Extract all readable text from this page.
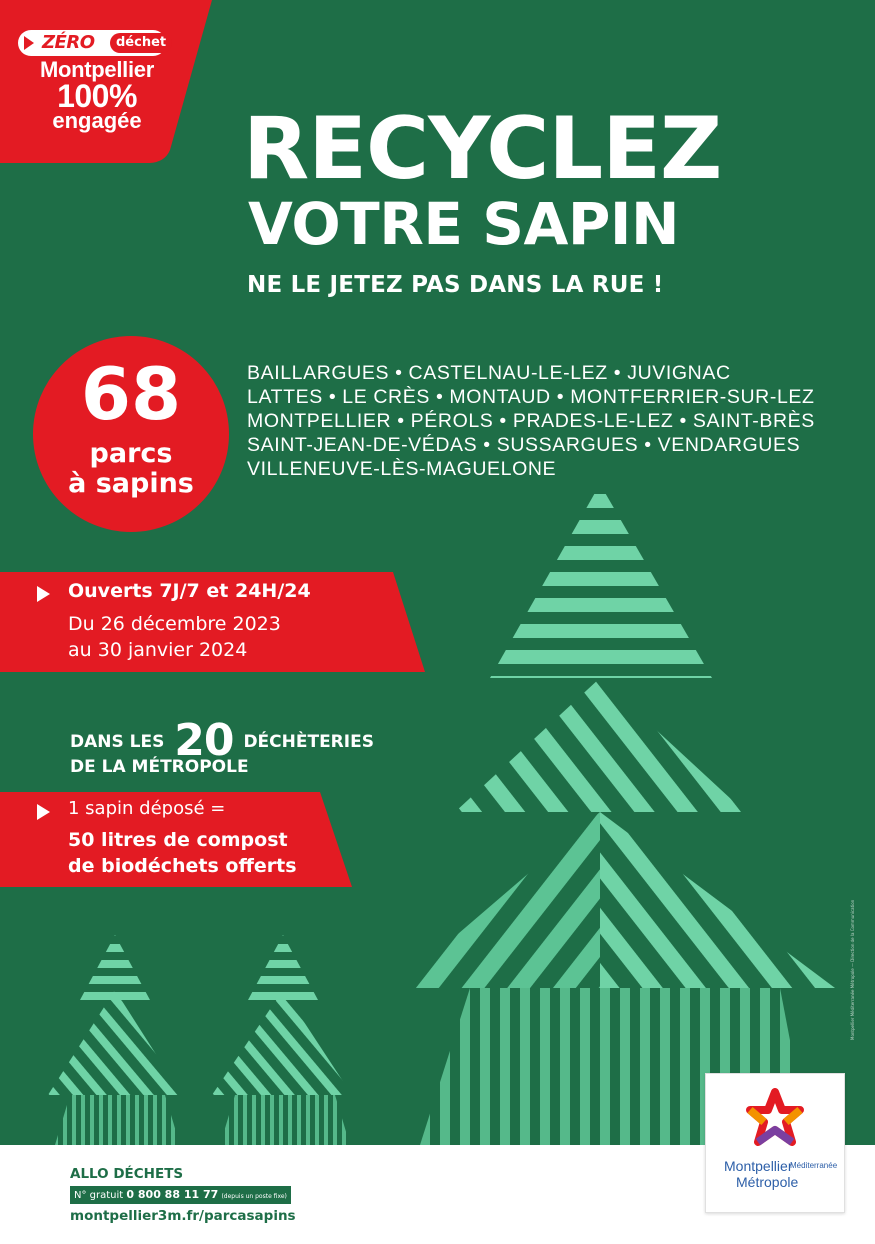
ZÉRO	déchet
Montpellier
100%
engagée	RECYCLEZ
VOTRE SAPIN
NE LE JETEZ PAS DANS LA RUE !
68
parcs
à sapins
BAILLARGUES • CASTELNAU-LE-LEZ • JUVIGNAC
LATTES • LE CRÈS • MONTAUD • MONTFERRIER-SUR-LEZ
MONTPELLIER • PÉROLS • PRADES-LE-LEZ • SAINT-BRÈS
SAINT-JEAN-DE-VÉDAS • SUSSARGUES • VENDARGUES
VILLENEUVE-LÈS-MAGUELONE
Ouverts 7J/7 et 24H/24
Du 26 décembre 2023
au 30 janvier 2024
DANS LES 20 DÉCHÈTERIES
DE LA MÉTROPOLE
1 sapin déposé =
50 litres de compost
de biodéchets offerts
Montpellier Méditerranée Métropole — Direction de la Communication
ALLO DÉCHETS
N° gratuit 0 800 88 11 77 (depuis un poste fixe)
montpellier3m.fr/parcasapins
Montpellier
Méditerranée
Métropole
